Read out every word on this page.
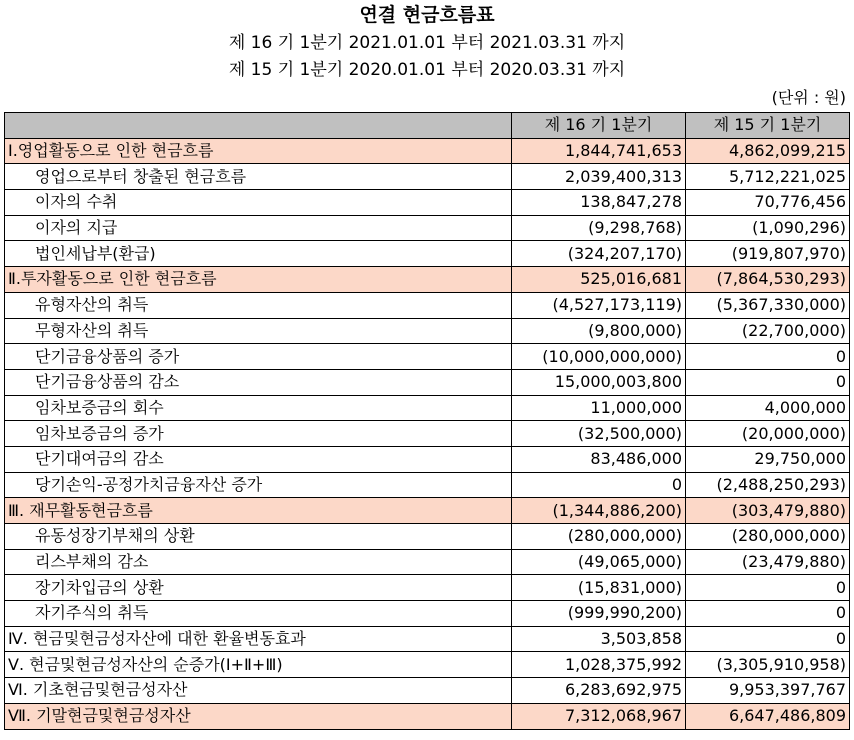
연결 현금흐름표
제 16 기 1분기 2021.01.01 부터 2021.03.31 까지
제 15 기 1분기 2020.01.01 부터 2020.03.31 까지
(단위 : 원)
	제 16 기 1분기	제 15 기 1분기
Ⅰ.영업활동으로 인한 현금흐름	1,844,741,653	4,862,099,215
영업으로부터 창출된 현금흐름	2,039,400,313	5,712,221,025
이자의 수취	138,847,278	70,776,456
이자의 지급	(9,298,768)	(1,090,296)
법인세납부(환급)	(324,207,170)	(919,807,970)
Ⅱ.투자활동으로 인한 현금흐름	525,016,681	(7,864,530,293)
유형자산의 취득	(4,527,173,119)	(5,367,330,000)
무형자산의 취득	(9,800,000)	(22,700,000)
단기금융상품의 증가	(10,000,000,000)	0
단기금융상품의 감소	15,000,003,800	0
임차보증금의 회수	11,000,000	4,000,000
임차보증금의 증가	(32,500,000)	(20,000,000)
단기대여금의 감소	83,486,000	29,750,000
당기손익-공정가치금융자산 증가	0	(2,488,250,293)
Ⅲ. 재무활동현금흐름	(1,344,886,200)	(303,479,880)
유동성장기부채의 상환	(280,000,000)	(280,000,000)
리스부채의 감소	(49,065,000)	(23,479,880)
장기차입금의 상환	(15,831,000)	0
자기주식의 취득	(999,990,200)	0
Ⅳ. 현금및현금성자산에 대한 환율변동효과	3,503,858	0
Ⅴ. 현금및현금성자산의 순증가(Ⅰ+Ⅱ+Ⅲ)	1,028,375,992	(3,305,910,958)
Ⅵ. 기초현금및현금성자산	6,283,692,975	9,953,397,767
Ⅶ. 기말현금및현금성자산	7,312,068,967	6,647,486,809
